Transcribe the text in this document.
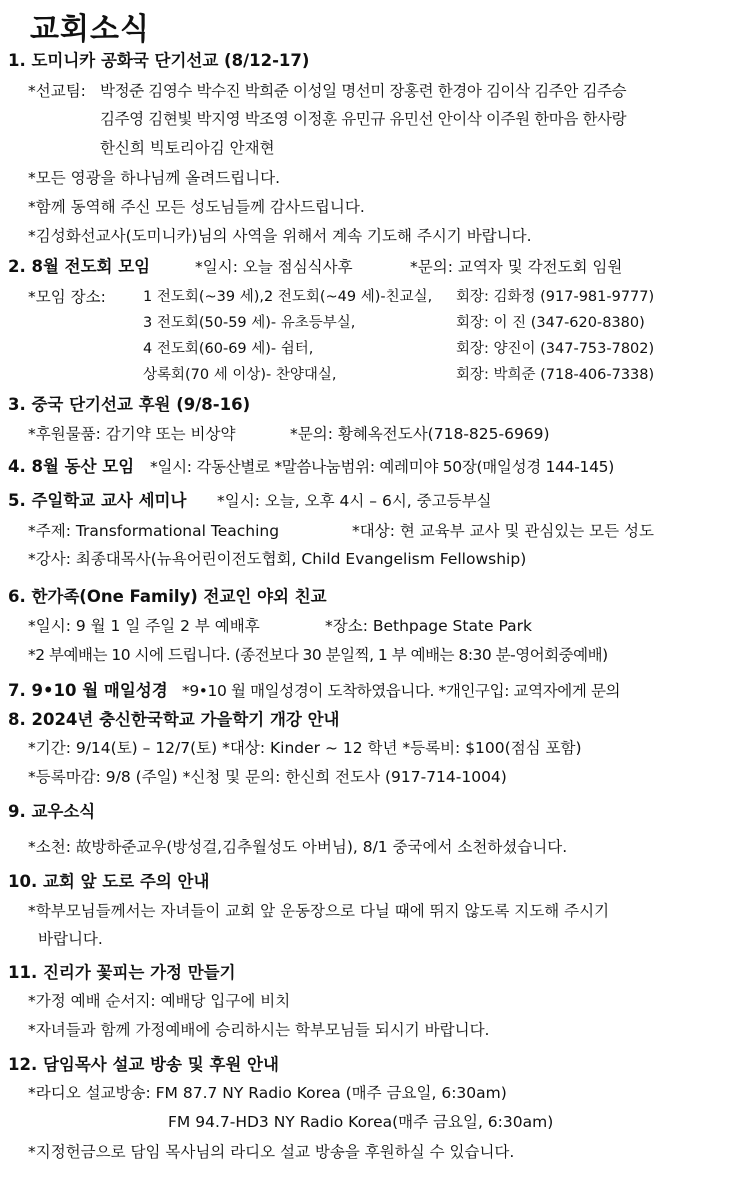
교회소식
1. 도미니카 공화국 단기선교 (8/12-17)
*선교팀: 박정준 김영수 박수진 박희준 이성일 명선미 장홍련 한경아 김이삭 김주안 김주승
김주영 김현빛 박지영 박조영 이정훈 유민규 유민선 안이삭 이주원 한마음 한사랑
한신희 빅토리아김 안재현
*모든 영광을 하나님께 올려드립니다.
*함께 동역해 주신 모든 성도님들께 감사드립니다.
*김성화선교사(도미니카)님의 사역을 위해서 계속 기도해 주시기 바랍니다.
2. 8월 전도회 모임	*일시: 오늘 점심식사후	*문의: 교역자 및 각전도회 임원
*모임 장소:	1 전도회(~39 세),2 전도회(~49 세)-친교실, 회장: 김화정 (917-981-9777)
3 전도회(50-59 세)- 유초등부실,	회장: 이 진 (347-620-8380)
4 전도회(60-69 세)- 쉼터,	회장: 양진이 (347-753-7802)
상록회(70 세 이상)- 찬양대실,	회장: 박희준 (718-406-7338)
3. 중국 단기선교 후원 (9/8-16)
*후원물품: 감기약 또는 비상약	*문의: 황혜옥전도사(718-825-6969)
4. 8월 동산 모임 *일시: 각동산별로 *말씀나눔범위: 예레미야 50장(매일성경 144-145)
5. 주일학교 교사 세미나 *일시: 오늘, 오후 4시 – 6시, 중고등부실
*주제: Transformational Teaching	*대상: 현 교육부 교사 및 관심있는 모든 성도
*강사: 최종대목사(뉴욕어린이전도협회, Child Evangelism Fellowship)
6. 한가족(One Family) 전교인 야외 친교
*일시: 9 월 1 일 주일 2 부 예배후	*장소: Bethpage State Park
*2 부예배는 10 시에 드립니다. (종전보다 30 분일찍, 1 부 예배는 8:30 분-영어회중예배)
7. 9•10 월 매일성경 *9•10 월 매일성경이 도착하였읍니다. *개인구입: 교역자에게 문의
8. 2024년 충신한국학교 가을학기 개강 안내
*기간: 9/14(토) – 12/7(토) *대상: Kinder ~ 12 학년 *등록비: $100(점심 포함)
*등록마감: 9/8 (주일) *신청 및 문의: 한신희 전도사 (917-714-1004)
9. 교우소식
*소천: 故방하준교우(방성걸,김추월성도 아버님), 8/1 중국에서 소천하셨습니다.
10. 교회 앞 도로 주의 안내
*학부모님들께서는 자녀들이 교회 앞 운동장으로 다닐 때에 뛰지 않도록 지도해 주시기
바랍니다.
11. 진리가 꽃피는 가정 만들기
*가정 예배 순서지: 예배당 입구에 비치
*자녀들과 함께 가정예배에 승리하시는 학부모님들 되시기 바랍니다.
12. 담임목사 설교 방송 및 후원 안내
*라디오 설교방송: FM 87.7 NY Radio Korea (매주 금요일, 6:30am)
FM 94.7-HD3 NY Radio Korea(매주 금요일, 6:30am)
*지정헌금으로 담임 목사님의 라디오 설교 방송을 후원하실 수 있습니다.
